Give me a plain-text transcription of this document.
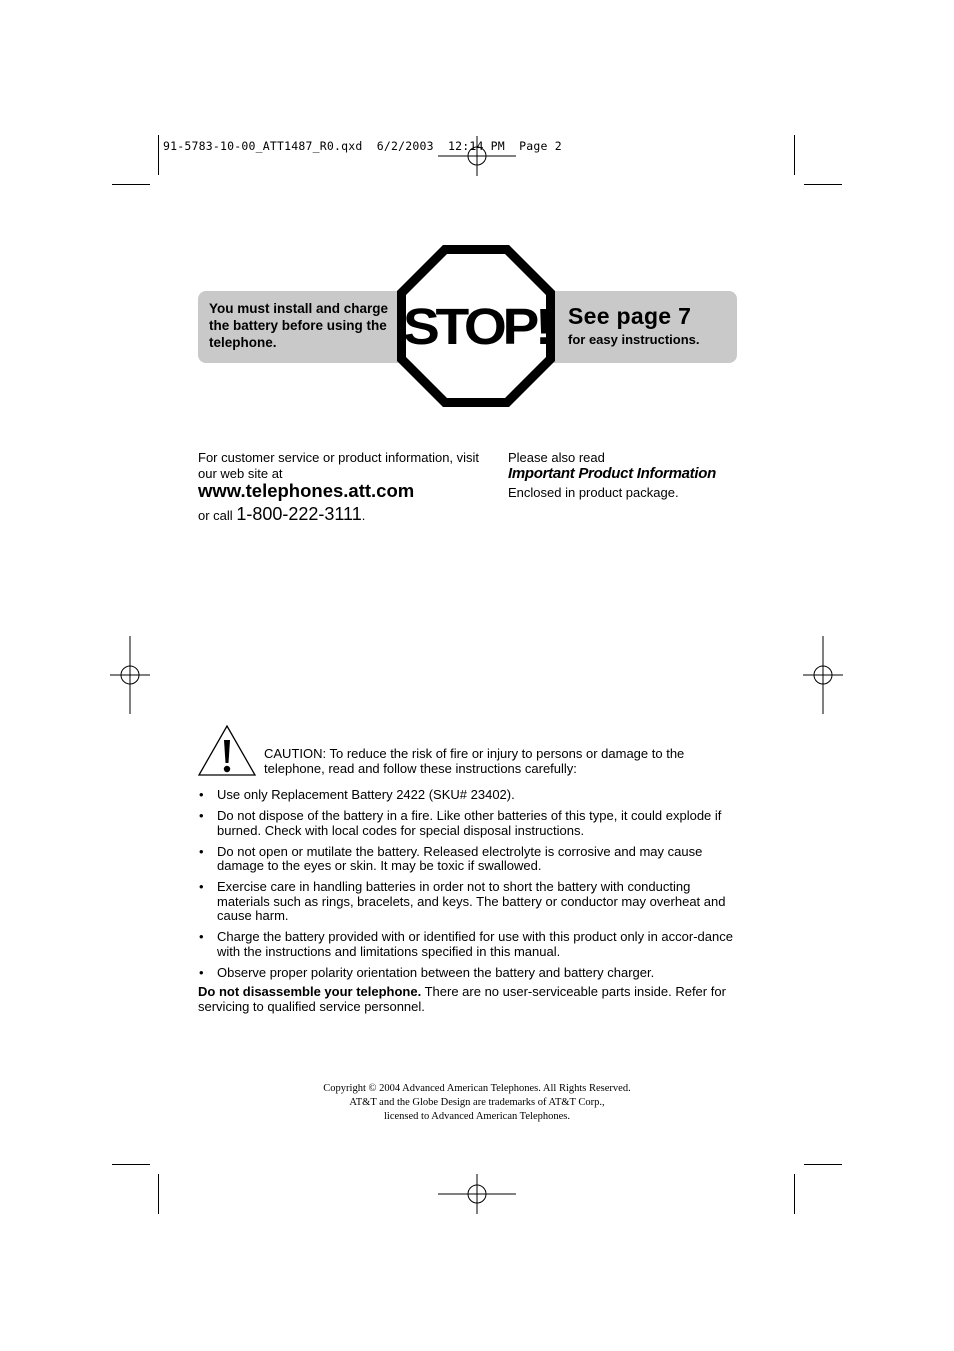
91-5783-10-00_ATT1487_R0.qxd  6/2/2003  12:14 PM  Page 2
You must install and charge the battery before using the telephone.
See page 7
for easy instructions.
STOP!
For customer service or product information, visit our web site at
www.telephones.att.com
or call 1-800-222-3111.
Please also read
Important Product Information
Enclosed in product package.
CAUTION: To reduce the risk of fire or injury to persons or damage to the telephone, read and follow these instructions carefully:
• Use only Replacement Battery 2422 (SKU# 23402).
• Do not dispose of the battery in a fire. Like other batteries of this type, it could explode if burned. Check with local codes for special disposal instructions.
• Do not open or mutilate the battery. Released electrolyte is corrosive and may cause damage to the eyes or skin. It may be toxic if swallowed.
• Exercise care in handling batteries in order not to short the battery with conducting materials such as rings, bracelets, and keys. The battery or conductor may overheat and cause harm.
• Charge the battery provided with or identified for use with this product only in accor-dance with the instructions and limitations specified in this manual.
• Observe proper polarity orientation between the battery and battery charger.
Do not disassemble your telephone. There are no user-serviceable parts inside. Refer for servicing to qualified service personnel.
Copyright © 2004 Advanced American Telephones. All Rights Reserved.
AT&T and the Globe Design are trademarks of AT&T Corp.,
licensed to Advanced American Telephones.
